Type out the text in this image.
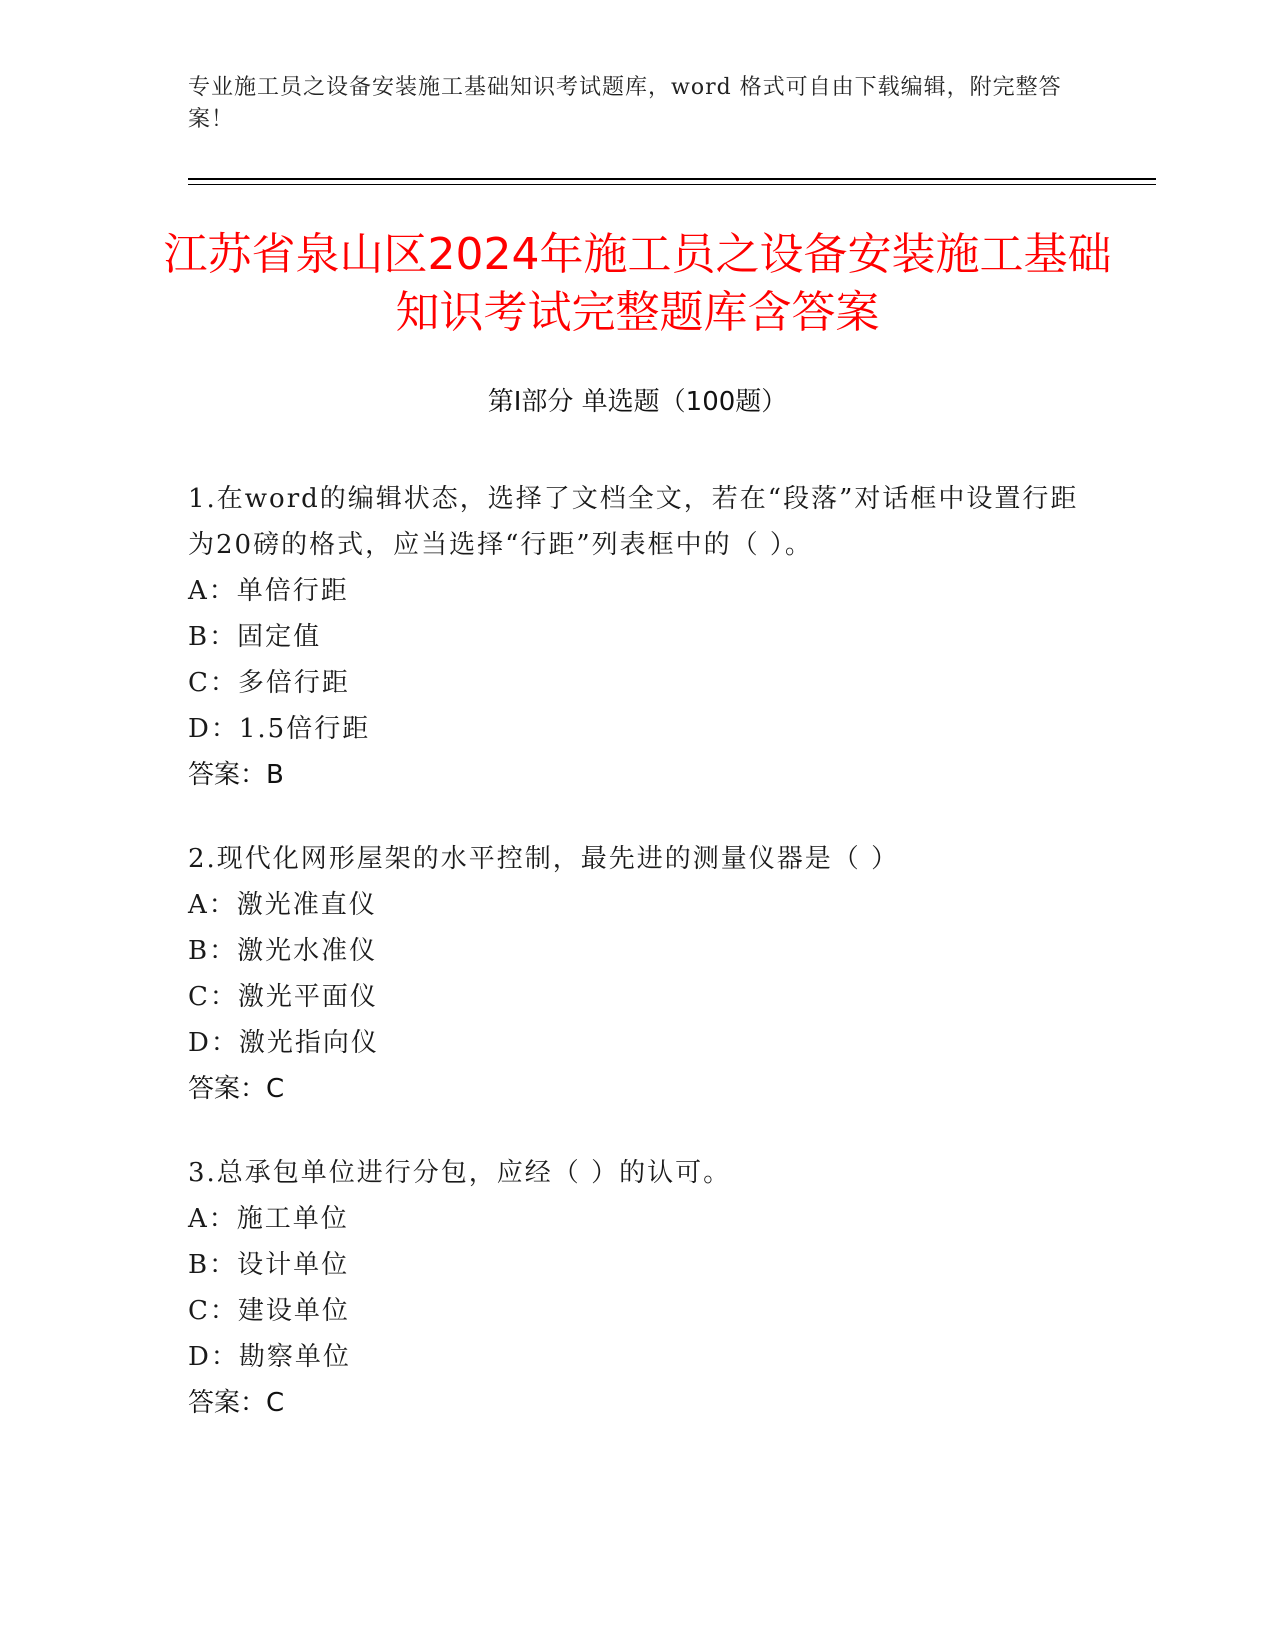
专业施工员之设备安装施工基础知识考试题库，word 格式可自由下载编辑，附完整答案！
江苏省泉山区2024年施工员之设备安装施工基础知识考试完整题库含答案
第Ⅰ部分 单选题（100题）

1.在word的编辑状态，选择了文档全文，若在“段落”对话框中设置行距为20磅的格式，应当选择“行距”列表框中的（ ）。

A：单倍行距

B：固定值

C：多倍行距

D：1.5倍行距

答案：B

2.现代化网形屋架的水平控制，最先进的测量仪器是（ ）

A：激光准直仪

B：激光水准仪

C：激光平面仪

D：激光指向仪

答案：C

3.总承包单位进行分包，应经（ ）的认可。

A：施工单位

B：设计单位

C：建设单位

D：勘察单位

答案：C
